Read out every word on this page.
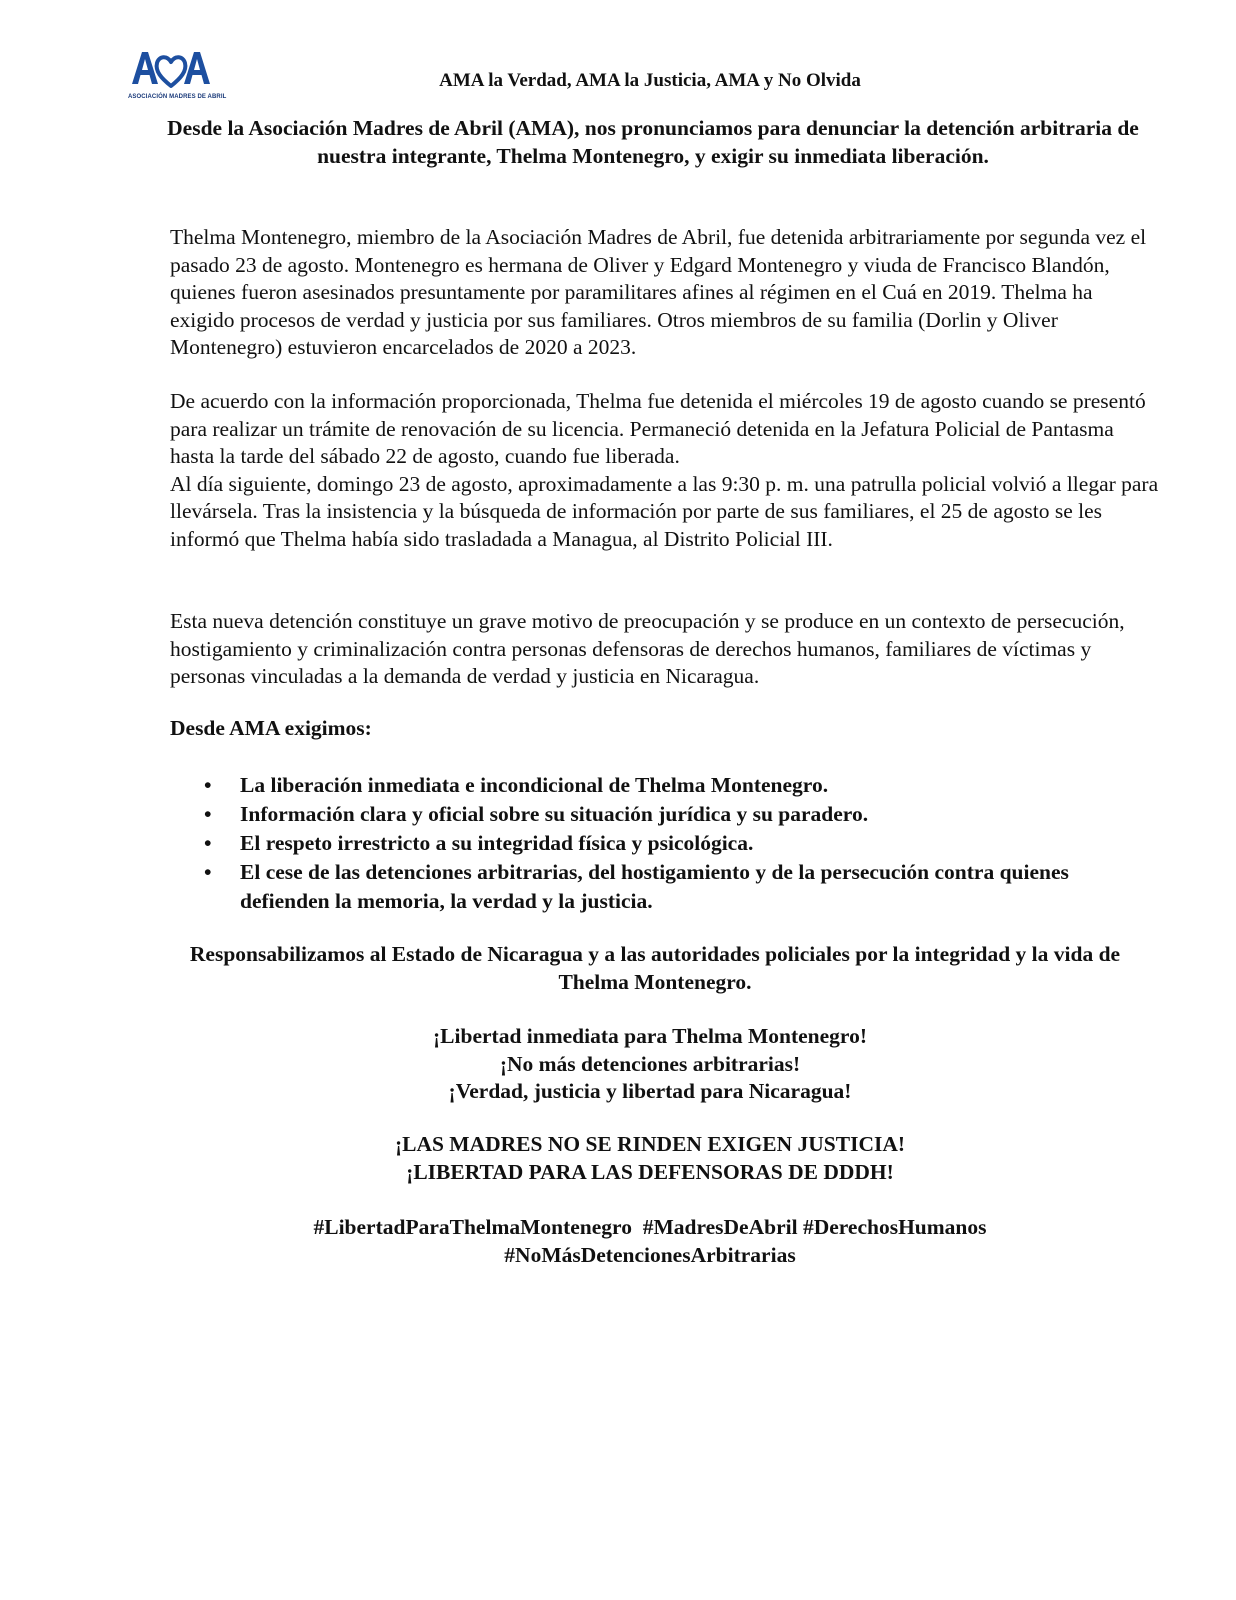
ASOCIACIÓN MADRES DE ABRIL
AMA la Verdad, AMA la Justicia, AMA y No Olvida
Desde la Asociación Madres de Abril (AMA), nos pronunciamos para denunciar la detención arbitraria de nuestra integrante, Thelma Montenegro, y exigir su inmediata liberación.
Thelma Montenegro, miembro de la Asociación Madres de Abril, fue detenida arbitrariamente por segunda vez el pasado 23 de agosto. Montenegro es hermana de Oliver y Edgard Montenegro y viuda de Francisco Blandón, quienes fueron asesinados presuntamente por paramilitares afines al régimen en el Cuá en 2019. Thelma ha exigido procesos de verdad y justicia por sus familiares. Otros miembros de su familia (Dorlin y Oliver Montenegro) estuvieron encarcelados de 2020 a 2023.
De acuerdo con la información proporcionada, Thelma fue detenida el miércoles 19 de agosto cuando se presentó para realizar un trámite de renovación de su licencia. Permaneció detenida en la Jefatura Policial de Pantasma hasta la tarde del sábado 22 de agosto, cuando fue liberada.
Al día siguiente, domingo 23 de agosto, aproximadamente a las 9:30 p. m. una patrulla policial volvió a llegar para llevársela. Tras la insistencia y la búsqueda de información por parte de sus familiares, el 25 de agosto se les informó que Thelma había sido trasladada a Managua, al Distrito Policial III.
Esta nueva detención constituye un grave motivo de preocupación y se produce en un contexto de persecución, hostigamiento y criminalización contra personas defensoras de derechos humanos, familiares de víctimas y personas vinculadas a la demanda de verdad y justicia en Nicaragua.
Desde AMA exigimos:
• La liberación inmediata e incondicional de Thelma Montenegro.
• Información clara y oficial sobre su situación jurídica y su paradero.
• El respeto irrestricto a su integridad física y psicológica.
• El cese de las detenciones arbitrarias, del hostigamiento y de la persecución contra quienes defienden la memoria, la verdad y la justicia.
Responsabilizamos al Estado de Nicaragua y a las autoridades policiales por la integridad y la vida de Thelma Montenegro.
¡Libertad inmediata para Thelma Montenegro!
¡No más detenciones arbitrarias!
¡Verdad, justicia y libertad para Nicaragua!
¡LAS MADRES NO SE RINDEN EXIGEN JUSTICIA!
¡LIBERTAD PARA LAS DEFENSORAS DE DDDH!
#LibertadParaThelmaMontenegro  #MadresDeAbril #DerechosHumanos
#NoMásDetencionesArbitrarias
